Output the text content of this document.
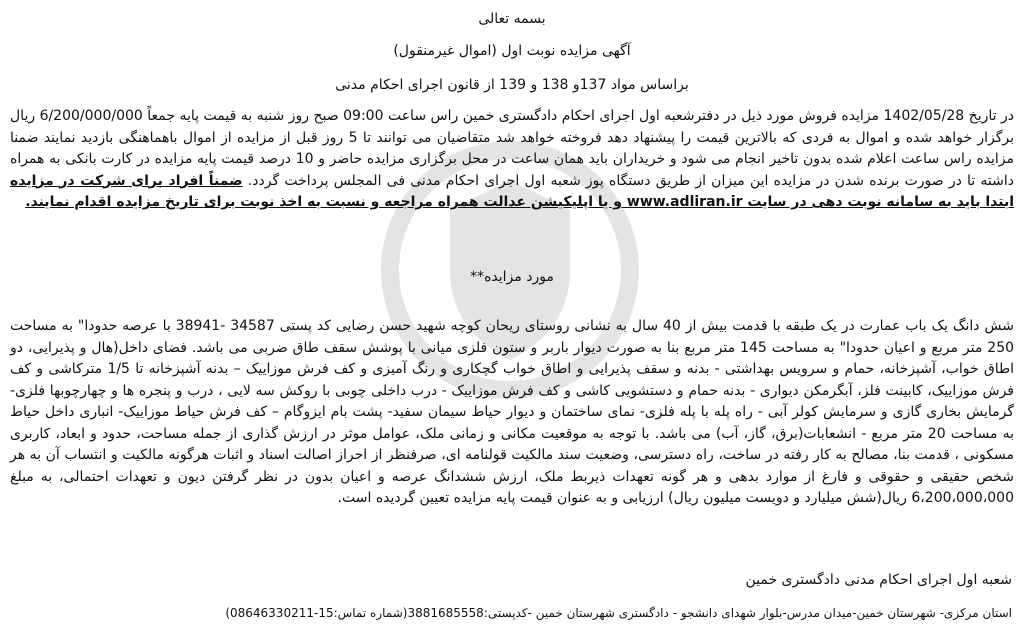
بسمه تعالی
آگهی مزایده نوبت اول (اموال غیرمنقول)
براساس مواد 137و 138 و 139 از قانون اجرای احکام مدنی

در تاریخ 1402/05/28 مزایده فروش مورد ذیل در دفترشعبه اول اجرای احکام دادگستری خمین راس ساعت 09:00 صبح روز شنبه به قیمت پایه جمعاً 6/200/000/000 ریال برگزار خواهد شده و اموال به فردی که بالاترین قیمت را پیشنهاد دهد فروخته خواهد شد متقاضیان می توانند تا 5 روز قبل از مزایده از اموال باهماهنگی بازدید نمایند ضمنا مزایده راس ساعت اعلام شده بدون تاخیر انجام می شود و خریداران باید همان ساعت در محل برگزاری مزایده حاضر و 10 درصد قیمت پایه مزایده در کارت بانکی به همراه داشته تا در صورت برنده شدن در مزایده این میزان از طریق دستگاه پوز شعبه اول اجرای احکام مدنی فی المجلس پرداخت گردد. ضمناً افراد برای شرکت در مزایده ابتدا باید به سامانه نوبت دهی در سایت www.adliran.ir و یا اپلیکیشن عدالت همراه مراجعه و نسبت به اخذ نوبت برای تاریخ مزایده اقدام نمایند.

مورد مزایده**
شش دانگ یک باب عمارت در یک طبقه با قدمت بیش از 40 سال به نشانی روستای ریحان کوچه شهید حسن رضایی کد پستی 34587 -38941 با عرصه حدودا" به مساحت 250 متر مربع و اعیان حدودا" به مساحت 145 متر مربع بنا به صورت دیوار باربر و ستون فلزی میانی با پوشش سقف طاق ضربی می باشد. فضای داخل(هال و پذیرایی، دو اطاق خواب، آشپزخانه، حمام و سرویس بهداشتی - بدنه و سقف پذیرایی و اطاق خواب گچکاری و رنگ آمیزی و کف فرش موزاییک – بدنه آشپزخانه تا 1/5 مترکاشی و کف فرش موزاییک، کابینت فلز، آبگرمکن دیواری - بدنه حمام و دستشویی کاشی و کف فرش موزاییک - درب داخلی چوبی با روکش سه لایی ، درب و پنجره ها و چهارچوبها فلزی- گرمایش بخاری گازی و سرمایش کولر آبی - راه پله با پله فلزی- نمای ساختمان و دیوار حیاط سیمان سفید- پشت بام ایزوگام – کف فرش حیاط موزاییک- انباری داخل حیاط به مساحت 20 متر مربع - انشعابات(برق، گاز، آب) می باشد. با توجه به موقعیت مکانی و زمانی ملک، عوامل موثر در ارزش گذاری از جمله مساحت، حدود و ابعاد، کاربری مسکونی ، قدمت بنا، مصالح به کار رفته در ساخت، راه دسترسی، وضعیت سند مالکیت قولنامه ای، صرفنظر از احراز اصالت اسناد و اثبات هرگونه مالکیت و انتساب آن به هر شخص حقیقی و حقوقی و فارغ از موارد بدهی و هر گونه تعهدات ذیربط ملک، ارزش ششدانگ عرصه و اعیان بدون در نظر گرفتن دیون و تعهدات احتمالی، به مبلغ 6،200،000،000 ریال(شش میلیارد و دویست میلیون ریال) ارزیابی و به عنوان قیمت پایه مزایده تعیین گردیده است.
شعبه اول اجرای احکام مدنی دادگستری خمین
استان مرکزی- شهرستان خمین-میدان مدرس-بلوار شهدای دانشجو - دادگستری شهرستان خمین -کدپستی:3881685558(شماره تماس:15-08646330211)
